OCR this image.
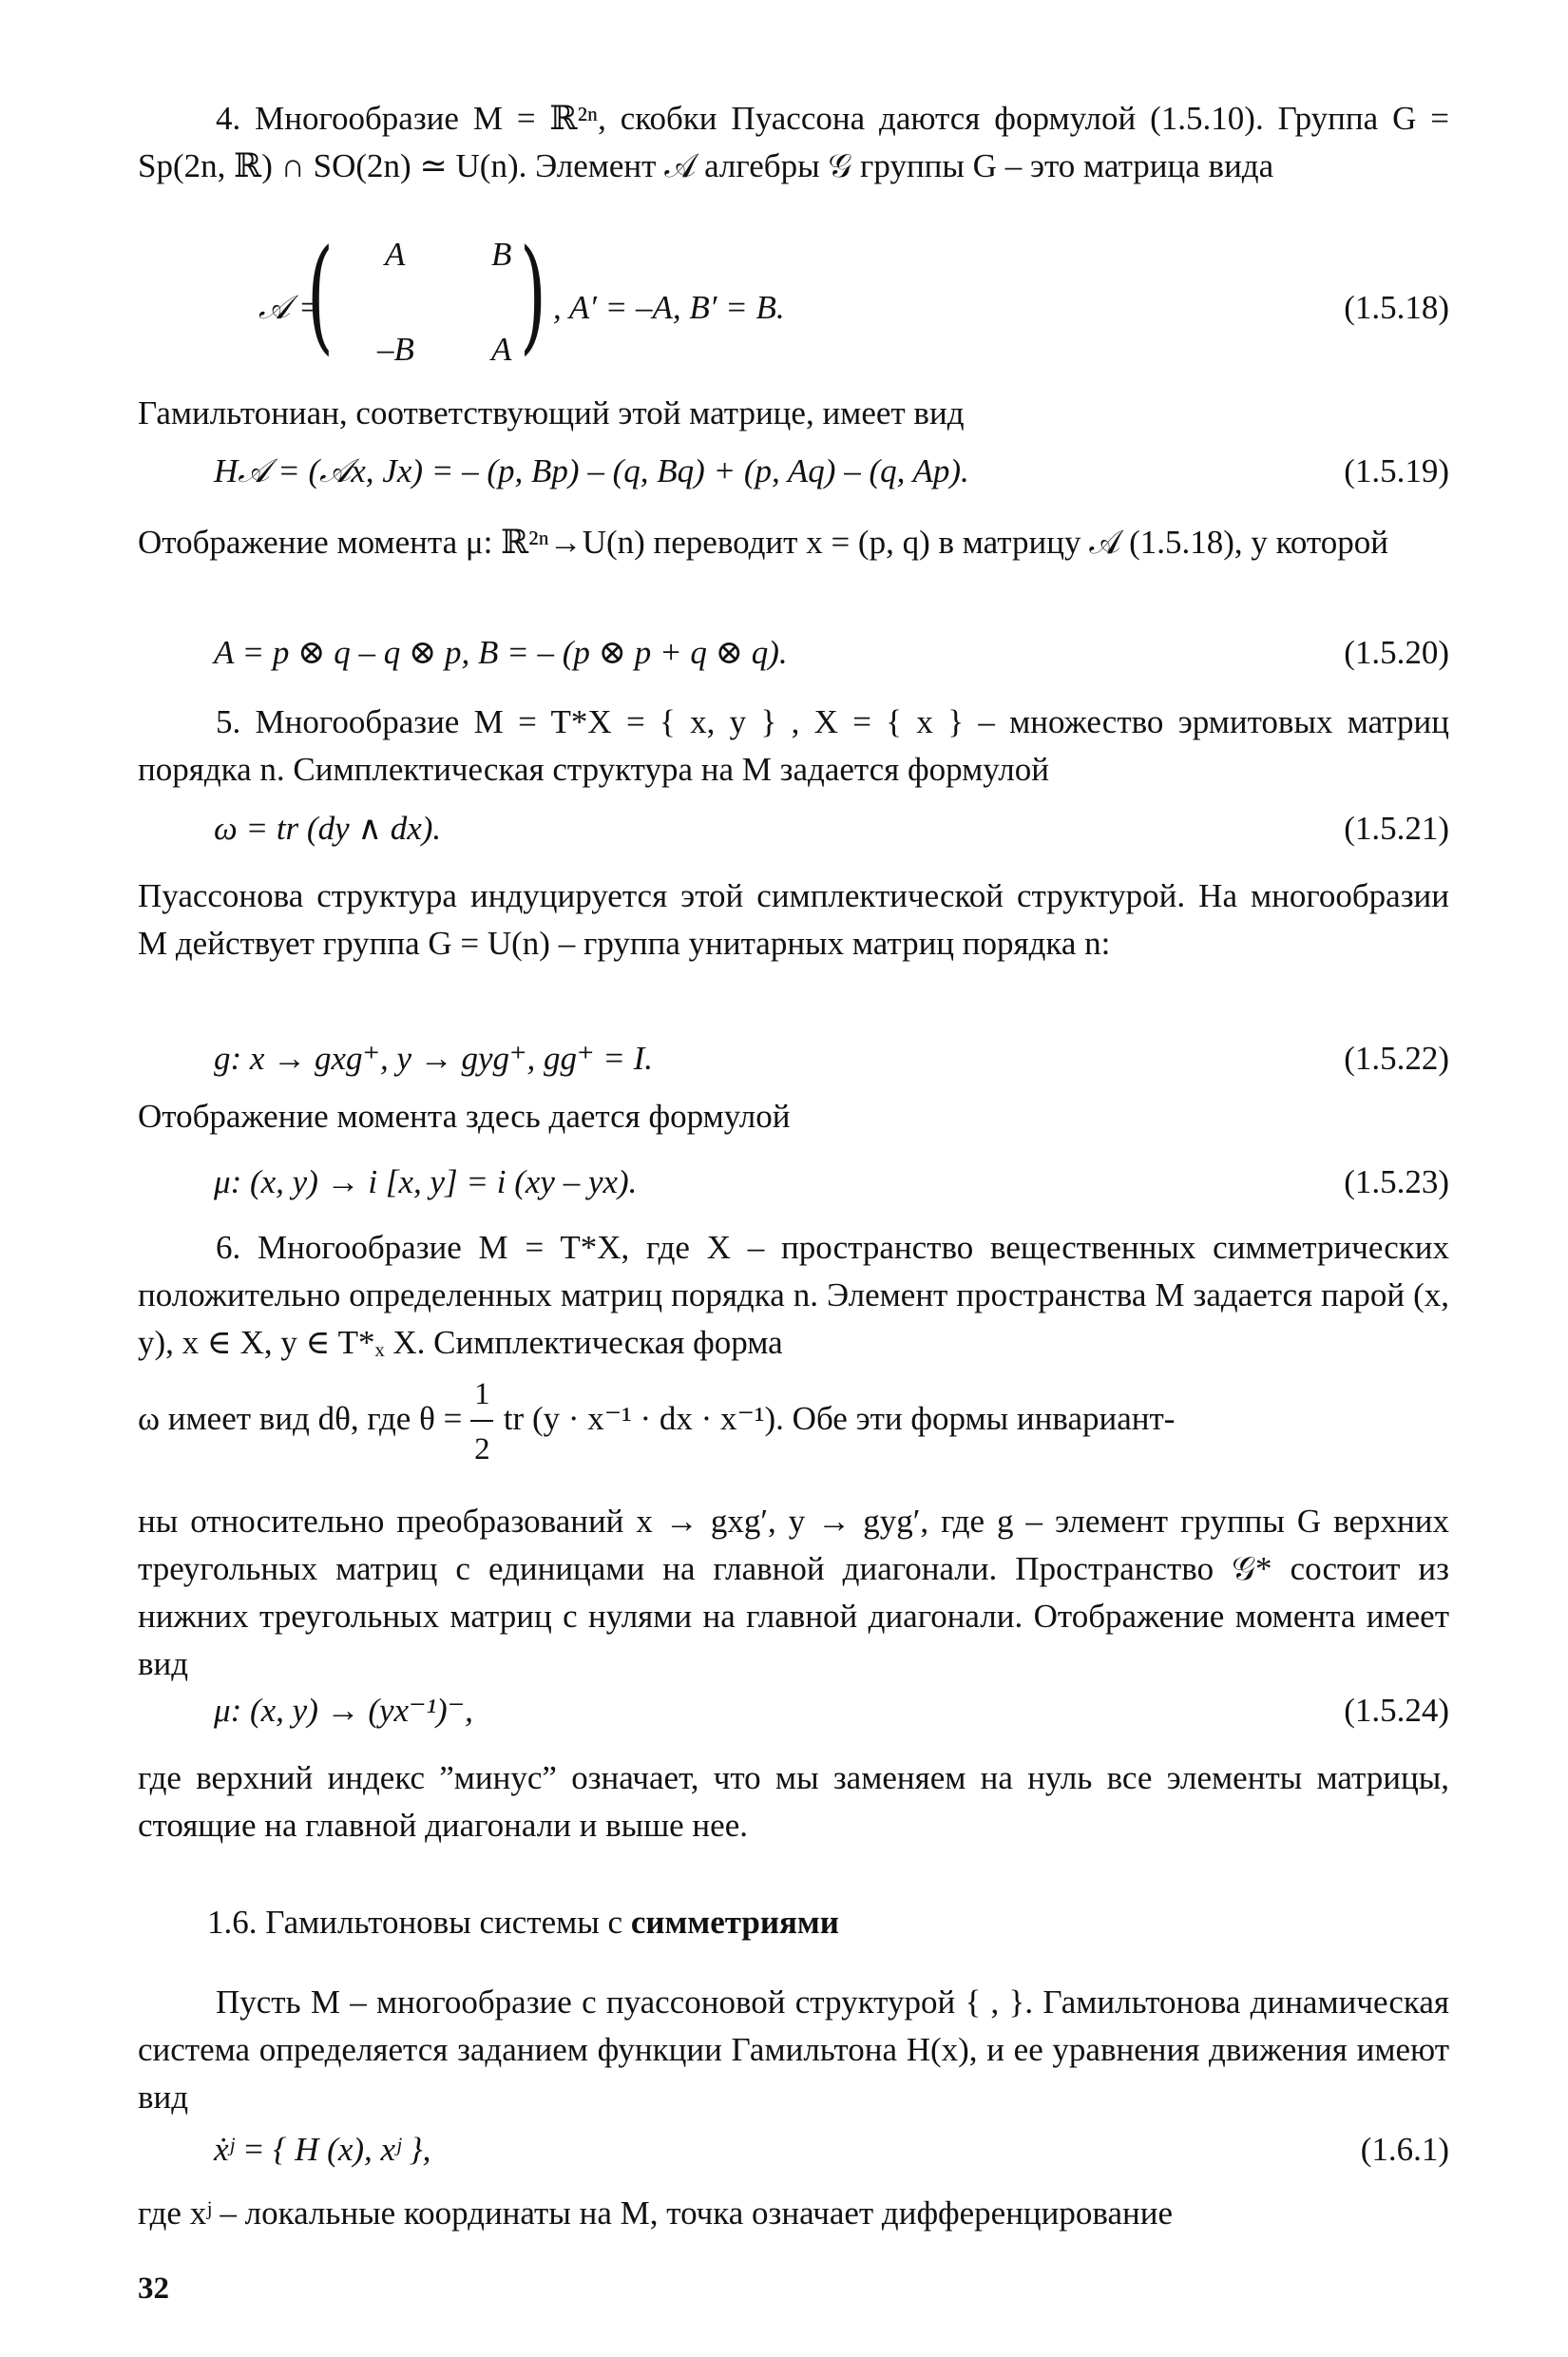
4. Многообразие M = ℝ²ⁿ, скобки Пуассона даются формулой (1.5.10). Группа G = Sp(2n, ℝ) ∩ SO(2n) ≃ U(n). Элемент 𝒜 алгебры 𝒢 группы G – это матрица вида
𝒜 =
( A	B
–B A ) , A′ = –A, B′ = B.	(1.5.18)
Гамильтониан, соответствующий этой матрице, имеет вид
H𝒜 = (𝒜x, Jx) = – (p, Bp) – (q, Bq) + (p, Aq) – (q, Ap).	(1.5.19)
Отображение момента μ: ℝ²ⁿ→U(n) переводит x = (p, q) в матрицу 𝒜 (1.5.18), у которой
A = p ⊗ q – q ⊗ p, B = – (p ⊗ p + q ⊗ q).	(1.5.20)
5. Многообразие M = T*X = { x, y } , X = { x } – множество эрмитовых матриц порядка n. Симплектическая структура на M задается формулой
ω = tr (dy ∧ dx).	(1.5.21)
Пуассонова структура индуцируется этой симплектической структурой. На многообразии M действует группа G = U(n) – группа унитарных матриц порядка n:
g: x → gxg⁺, y → gyg⁺, gg⁺ = I.	(1.5.22)
Отображение момента здесь дается формулой
μ: (x, y) → i [x, y] = i (xy – yx).	(1.5.23)
6. Многообразие M = T*X, где X – пространство вещественных симметрических положительно определенных матриц порядка n. Элемент пространства M задается парой (x, y), x ∈ X, y ∈ T*ₓ X. Симплектическая форма
ω имеет вид dθ, где $\theta = \frac{1}{2}$ tr (y · x⁻¹ · dx · x⁻¹). Обе эти формы инвариант-
ны относительно преобразований x → gxg′, y → gyg′, где g – элемент группы G верхних треугольных матриц с единицами на главной диагонали. Пространство 𝒢* состоит из нижних треугольных матриц с нулями на главной диагонали. Отображение момента имеет вид
μ: (x, y) → (yx⁻¹)⁻,	(1.5.24)
где верхний индекс ”минус” означает, что мы заменяем на нуль все элементы матрицы, стоящие на главной диагонали и выше нее.
1.6. Гамильтоновы системы с симметриями
Пусть M – многообразие с пуассоновой структурой { , }. Гамильтонова динамическая система определяется заданием функции Гамильтона H(x), и ее уравнения движения имеют вид
ẋʲ = { H (x), xʲ },	(1.6.1)
где xʲ – локальные координаты на M, точка означает дифференцирование
32
